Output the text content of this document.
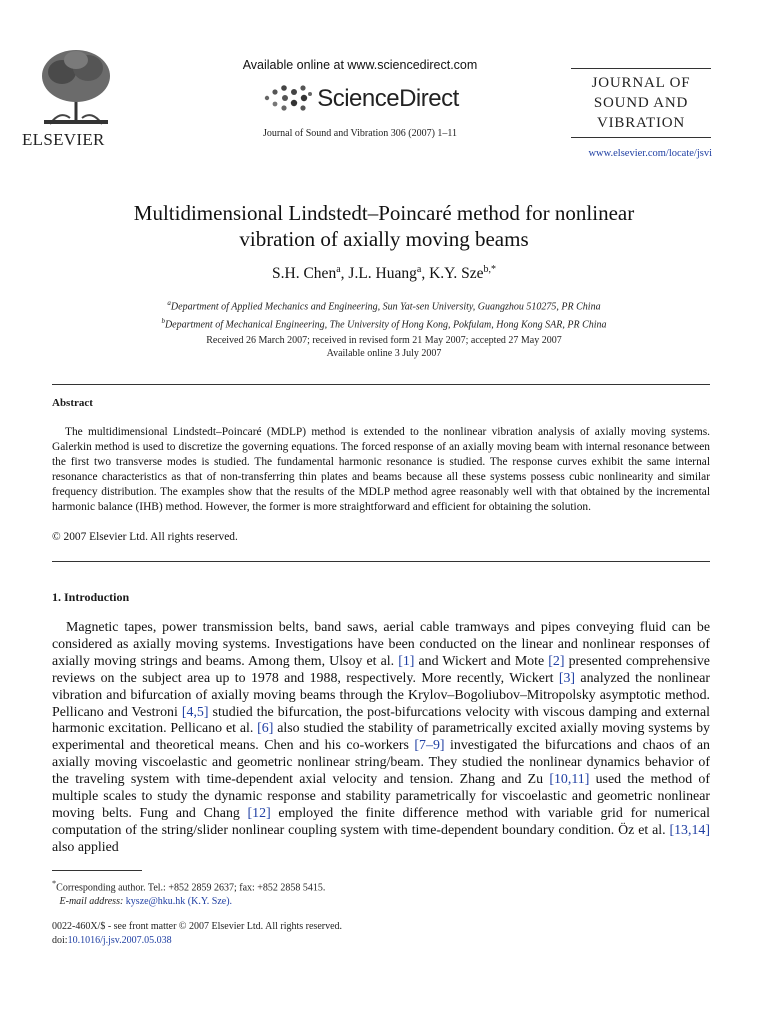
ELSEVIER
Available online at www.sciencedirect.com
ScienceDirect
Journal of Sound and Vibration 306 (2007) 1–11
JOURNAL OF
SOUND AND
VIBRATION
www.elsevier.com/locate/jsvi
Multidimensional Lindstedt–Poincaré method for nonlinear
vibration of axially moving beams
S.H. Chen$^a$, J.L. Huang$^a$, K.Y. Sze$^{b,*}$
$^a$Department of Applied Mechanics and Engineering, Sun Yat-sen University, Guangzhou 510275, PR China
$^b$Department of Mechanical Engineering, The University of Hong Kong, Pokfulam, Hong Kong SAR, PR China
Received 26 March 2007; received in revised form 21 May 2007; accepted 27 May 2007
Available online 3 July 2007
Abstract
The multidimensional Lindstedt–Poincaré (MDLP) method is extended to the nonlinear vibration analysis of axially moving systems. Galerkin method is used to discretize the governing equations. The forced response of an axially moving beam with internal resonance between the first two transverse modes is studied. The fundamental harmonic resonance is studied. The response curves exhibit the same internal resonance characteristics as that of non-transferring thin plates and beams because all these systems possess cubic nonlinearity and similar frequency distribution. The examples show that the results of the MDLP method agree reasonably well with that obtained by the incremental harmonic balance (IHB) method. However, the former is more straightforward and efficient for obtaining the solution.
© 2007 Elsevier Ltd. All rights reserved.
1. Introduction
Magnetic tapes, power transmission belts, band saws, aerial cable tramways and pipes conveying fluid can be considered as axially moving systems. Investigations have been conducted on the linear and nonlinear responses of axially moving strings and beams. Among them, Ulsoy et al. [1] and Wickert and Mote [2] presented comprehensive reviews on the subject area up to 1978 and 1988, respectively. More recently, Wickert [3] analyzed the nonlinear vibration and bifurcation of axially moving beams through the Krylov–Bogoliubov–Mitropolsky asymptotic method. Pellicano and Vestroni [4,5] studied the bifurcation, the post-bifurcations velocity with viscous damping and external harmonic excitation. Pellicano et al. [6] also studied the stability of parametrically excited axially moving systems by experimental and theoretical means. Chen and his co-workers [7–9] investigated the bifurcations and chaos of an axially moving viscoelastic and geometric nonlinear string/beam. They studied the nonlinear dynamics behavior of the traveling system with time-dependent axial velocity and tension. Zhang and Zu [10,11] used the method of multiple scales to study the dynamic response and stability parametrically for viscoelastic and geometric nonlinear moving belts. Fung and Chang [12] employed the finite difference method with variable grid for numerical computation of the string/slider nonlinear coupling system with time-dependent boundary condition. Öz et al. [13,14] also applied
*Corresponding author. Tel.: +852 2859 2637; fax: +852 2858 5415.
E-mail address: kysze@hku.hk (K.Y. Sze).
0022-460X/$ - see front matter © 2007 Elsevier Ltd. All rights reserved.
doi:10.1016/j.jsv.2007.05.038
